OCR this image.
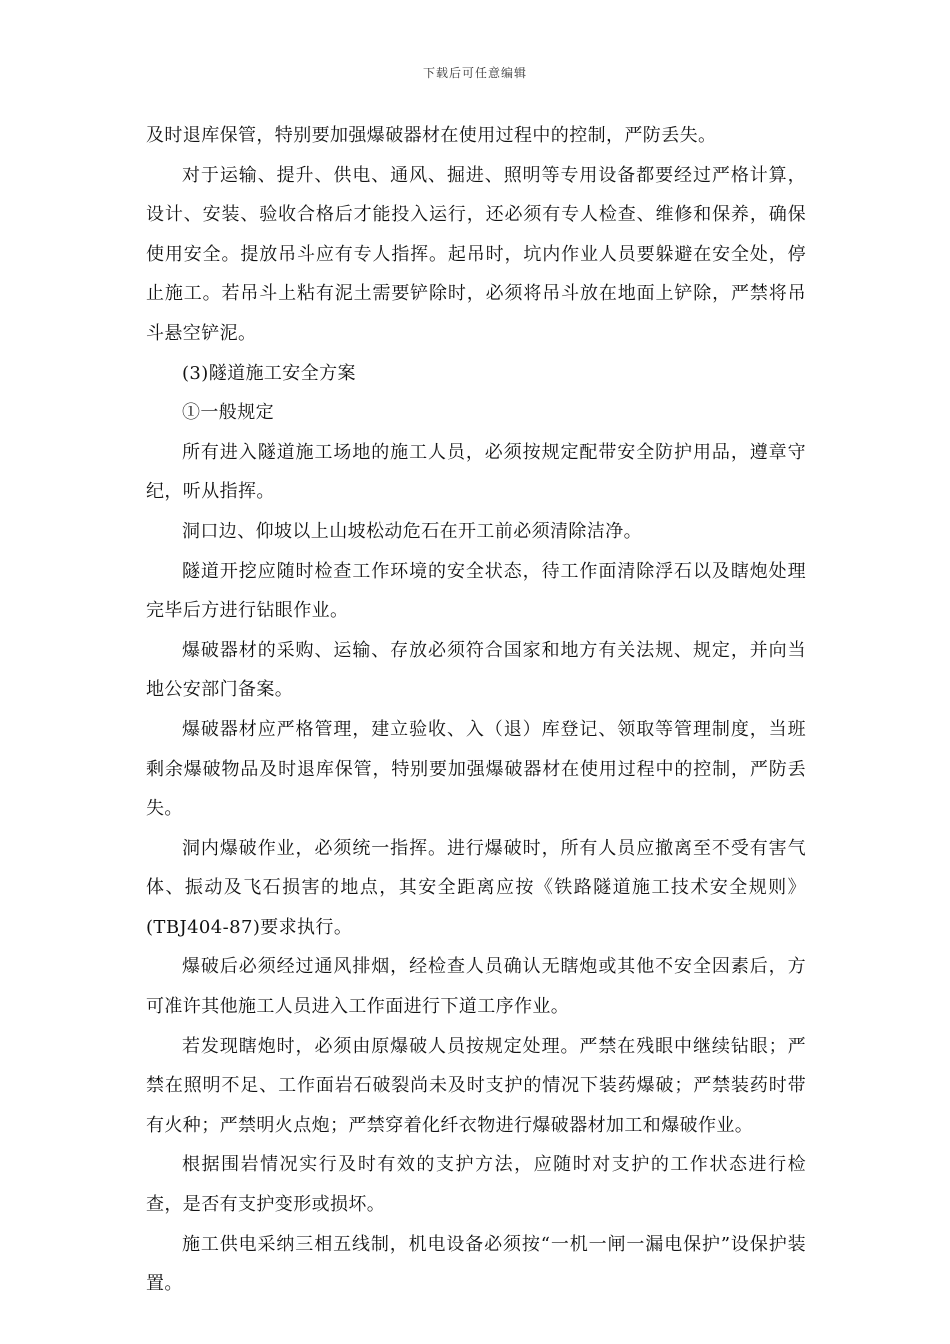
下载后可任意编辑

及时退库保管，特别要加强爆破器材在使用过程中的控制，严防丢失。

对于运输、提升、供电、通风、掘进、照明等专用设备都要经过严格计算，设计、安装、验收合格后才能投入运行，还必须有专人检查、维修和保养，确保使用安全。提放吊斗应有专人指挥。起吊时，坑内作业人员要躲避在安全处，停止施工。若吊斗上粘有泥土需要铲除时，必须将吊斗放在地面上铲除，严禁将吊斗悬空铲泥。

(3)隧道施工安全方案

①一般规定

所有进入隧道施工场地的施工人员，必须按规定配带安全防护用品，遵章守纪，听从指挥。

洞口边、仰坡以上山坡松动危石在开工前必须清除洁净。

隧道开挖应随时检查工作环境的安全状态，待工作面清除浮石以及瞎炮处理完毕后方进行钻眼作业。

爆破器材的采购、运输、存放必须符合国家和地方有关法规、规定，并向当地公安部门备案。

爆破器材应严格管理，建立验收、入（退）库登记、领取等管理制度，当班剩余爆破物品及时退库保管，特别要加强爆破器材在使用过程中的控制，严防丢失。

洞内爆破作业，必须统一指挥。进行爆破时，所有人员应撤离至不受有害气体、振动及飞石损害的地点，其安全距离应按《铁路隧道施工技术安全规则》(TBJ404-87)要求执行。

爆破后必须经过通风排烟，经检查人员确认无瞎炮或其他不安全因素后，方可准许其他施工人员进入工作面进行下道工序作业。

若发现瞎炮时，必须由原爆破人员按规定处理。严禁在残眼中继续钻眼；严禁在照明不足、工作面岩石破裂尚未及时支护的情况下装药爆破；严禁装药时带有火种；严禁明火点炮；严禁穿着化纤衣物进行爆破器材加工和爆破作业。

根据围岩情况实行及时有效的支护方法，应随时对支护的工作状态进行检查，是否有支护变形或损坏。

施工供电采纳三相五线制，机电设备必须按“一机一闸一漏电保护”设保护装置。
